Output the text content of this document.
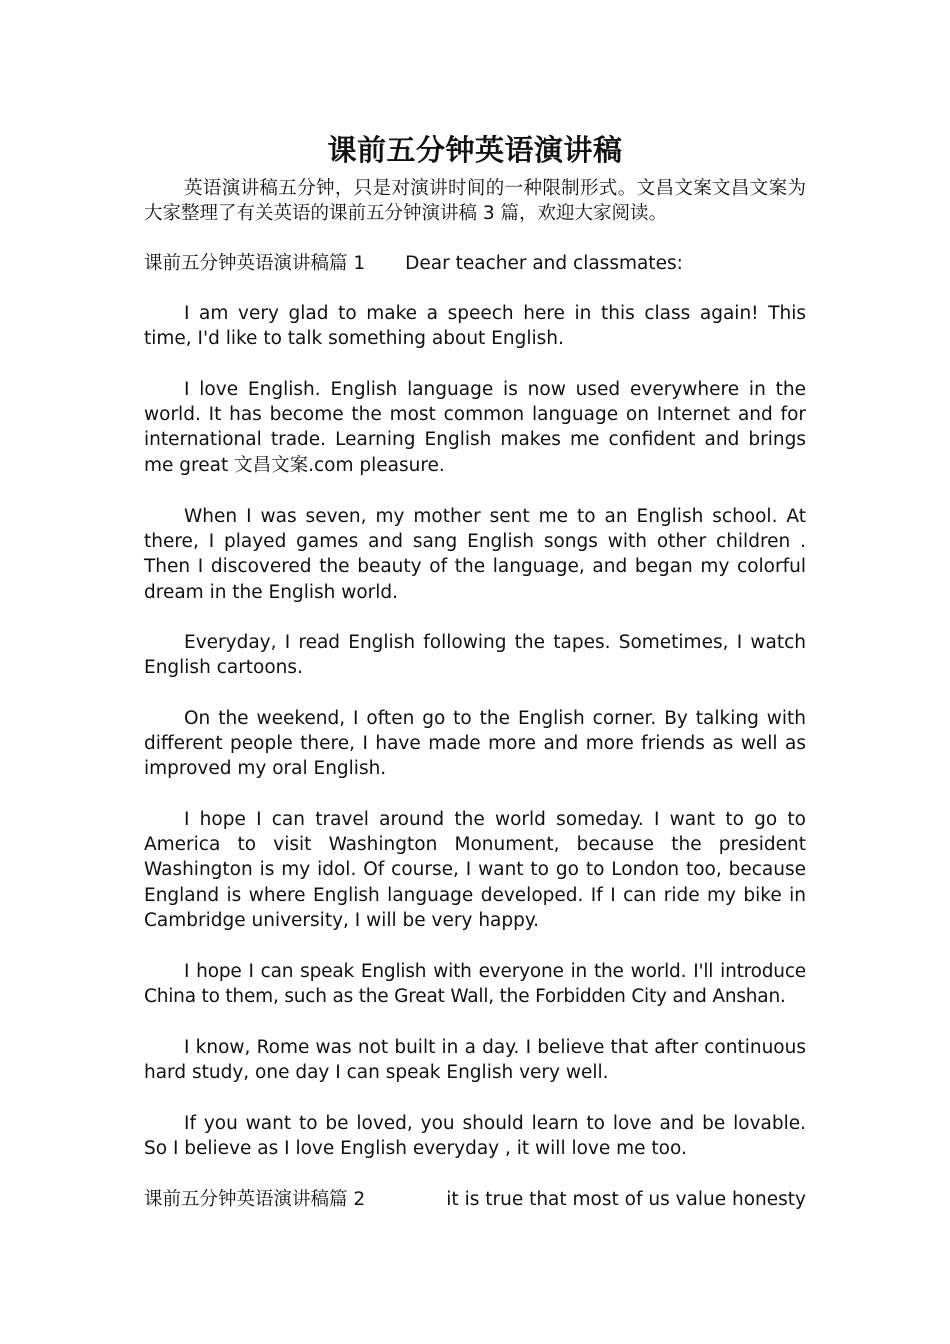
课前五分钟英语演讲稿
英语演讲稿五分钟，只是对演讲时间的一种限制形式。文昌文案文昌文案为大家整理了有关英语的课前五分钟演讲稿 3 篇，欢迎大家阅读。
课前五分钟英语演讲稿篇 1 Dear teacher and classmates:
I am very glad to make a speech here in this class again! This time, I'd like to talk something about English.
I love English. English language is now used everywhere in the world. It has become the most common language on Internet and for international trade. Learning English makes me confident and brings me great 文昌文案.com pleasure.
When I was seven, my mother sent me to an English school. At there, I played games and sang English songs with other children . Then I discovered the beauty of the language, and began my colorful dream in the English world.
Everyday, I read English following the tapes. Sometimes, I watch English cartoons.
On the weekend, I often go to the English corner. By talking with different people there, I have made more and more friends as well as improved my oral English.
I hope I can travel around the world someday. I want to go to America to visit Washington Monument, because the president Washington is my idol. Of course, I want to go to London too, because England is where English language developed. If I can ride my bike in Cambridge university, I will be very happy.
I hope I can speak English with everyone in the world. I'll introduce China to them, such as the Great Wall, the Forbidden City and Anshan.
I know, Rome was not built in a day. I believe that after continuous hard study, one day I can speak English very well.
If you want to be loved, you should learn to love and be lovable. So I believe as I love English everyday , it will love me too.
课前五分钟英语演讲稿篇 2	it is true that most of us value honesty
